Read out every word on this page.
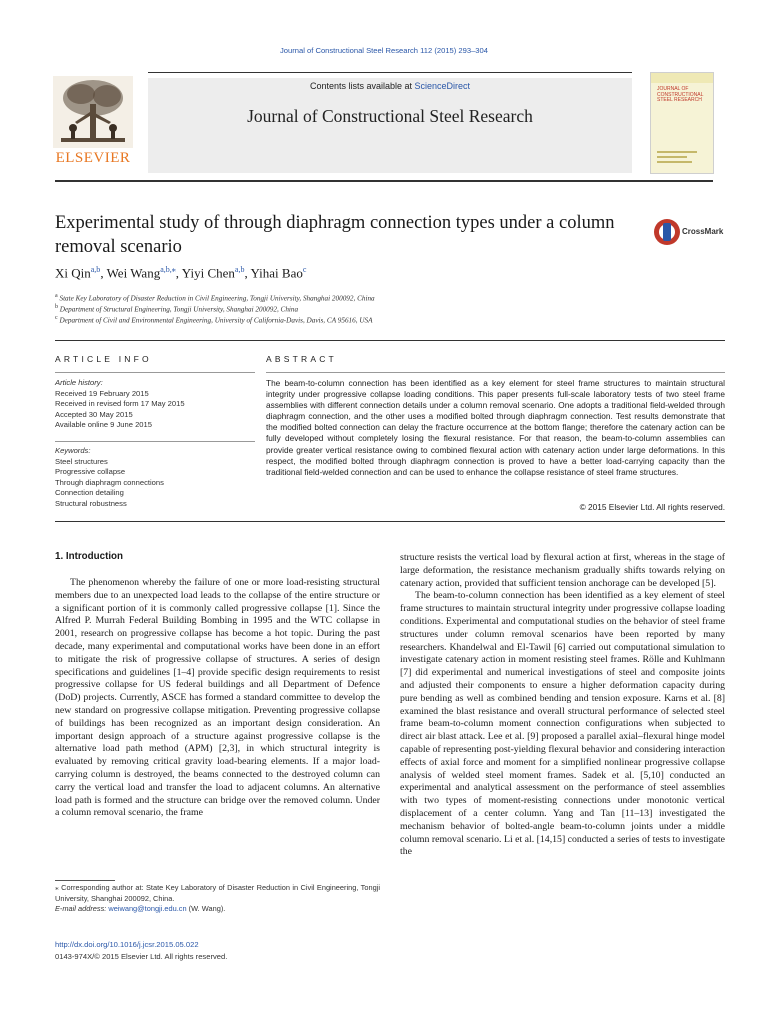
Journal of Constructional Steel Research 112 (2015) 293–304
Contents lists available at ScienceDirect
Journal of Constructional Steel Research
ELSEVIER
JOURNAL OF CONSTRUCTIONAL STEEL RESEARCH
Experimental study of through diaphragm connection types under a column removal scenario
CrossMark
Xi Qin$^{a,b}$, Wei Wang$^{a,b,⁎}$, Yiyi Chen$^{a,b}$, Yihai Bao$^c$
$^a$ State Key Laboratory of Disaster Reduction in Civil Engineering, Tongji University, Shanghai 200092, China
$^b$ Department of Structural Engineering, Tongji University, Shanghai 200092, China
$^c$ Department of Civil and Environmental Engineering, University of California-Davis, Davis, CA 95616, USA
ARTICLE INFO
Article history:
Received 19 February 2015
Received in revised form 17 May 2015
Accepted 30 May 2015
Available online 9 June 2015
Keywords:
Steel structures
Progressive collapse
Through diaphragm connections
Connection detailing
Structural robustness
ABSTRACT
The beam-to-column connection has been identified as a key element for steel frame structures to maintain structural integrity under progressive collapse loading conditions. This paper presents full-scale laboratory tests of two steel frame assemblies with different connection details under a column removal scenario. One adopts a traditional field-welded through diaphragm connection, and the other uses a modified bolted through diaphragm connection. Test results demonstrate that the modified bolted connection can delay the fracture occurrence at the bottom flange; therefore the catenary action can be fully developed without completely losing the flexural resistance. For that reason, the beam-to-column assemblies can provide greater vertical resistance owing to combined flexural action with catenary action under large deformations. In this respect, the modified bolted through diaphragm connection is proved to have a better load-carrying capacity than the traditional field-welded connection and can be used to enhance the collapse resistance of steel frame structures.
© 2015 Elsevier Ltd. All rights reserved.
1. Introduction

The phenomenon whereby the failure of one or more load-resisting structural members due to an unexpected load leads to the collapse of the entire structure or a significant portion of it is commonly called progressive collapse [1]. Since the Alfred P. Murrah Federal Building Bombing in 1995 and the WTC collapse in 2001, research on progressive collapse has become a hot topic. During the past decade, many experimental and computational works have been done in an effort to mitigate the risk of progressive collapse of structures. A series of design specifications and guidelines [1–4] provide specific design requirements to resist progressive collapse for US federal buildings and all Department of Defence (DoD) projects. Currently, ASCE has formed a standard committee to develop the new standard on progressive collapse mitigation. Preventing progressive collapse of buildings has been recognized as an important design consideration. An important design approach of a structure against progressive collapse is the alternative load path method (APM) [2,3], in which structural integrity is evaluated by removing critical gravity load-bearing elements. If a major load-carrying column is destroyed, the beams connected to the destroyed column can carry the vertical load and transfer the load to adjacent columns. An alternative load path is formed and the structure can bridge over the removed column. Under a column removal scenario, the frame

structure resists the vertical load by flexural action at first, whereas in the stage of large deformation, the resistance mechanism gradually shifts towards relying on catenary action, provided that sufficient tension anchorage can be developed [5].

The beam-to-column connection has been identified as a key element of steel frame structures to maintain structural integrity under progressive collapse loading conditions. Experimental and computational studies on the behavior of steel frame structures under column removal scenarios have been reported by many researchers. Khandelwal and El-Tawil [6] carried out computational simulation to investigate catenary action in moment resisting steel frames. Rölle and Kuhlmann [7] did experimental and numerical investigations of steel and composite joints and adjusted their components to ensure a higher deformation capacity during pure bending as well as combined bending and tension exposure. Karns et al. [8] examined the blast resistance and overall structural performance of selected steel frame beam-to-column moment connection configurations when subjected to direct air blast attack. Lee et al. [9] proposed a parallel axial–flexural hinge model capable of representing post-yielding flexural behavior and considering interaction effects of axial force and moment for a simplified nonlinear progressive collapse analysis of welded steel moment frames. Sadek et al. [5,10] conducted an experimental and analytical assessment on the performance of steel assemblies with two types of moment-resisting connections under monotonic vertical displacement of a center column. Yang and Tan [11–13] investigated the mechanism behavior of bolted-angle beam-to-column joints under a middle column removal scenario. Li et al. [14,15] conducted a series of tests to investigate the

⁎ Corresponding author at: State Key Laboratory of Disaster Reduction in Civil Engineering, Tongji University, Shanghai 200092, China.
E-mail address: weiwang@tongji.edu.cn (W. Wang).
http://dx.doi.org/10.1016/j.jcsr.2015.05.022
0143-974X/© 2015 Elsevier Ltd. All rights reserved.
